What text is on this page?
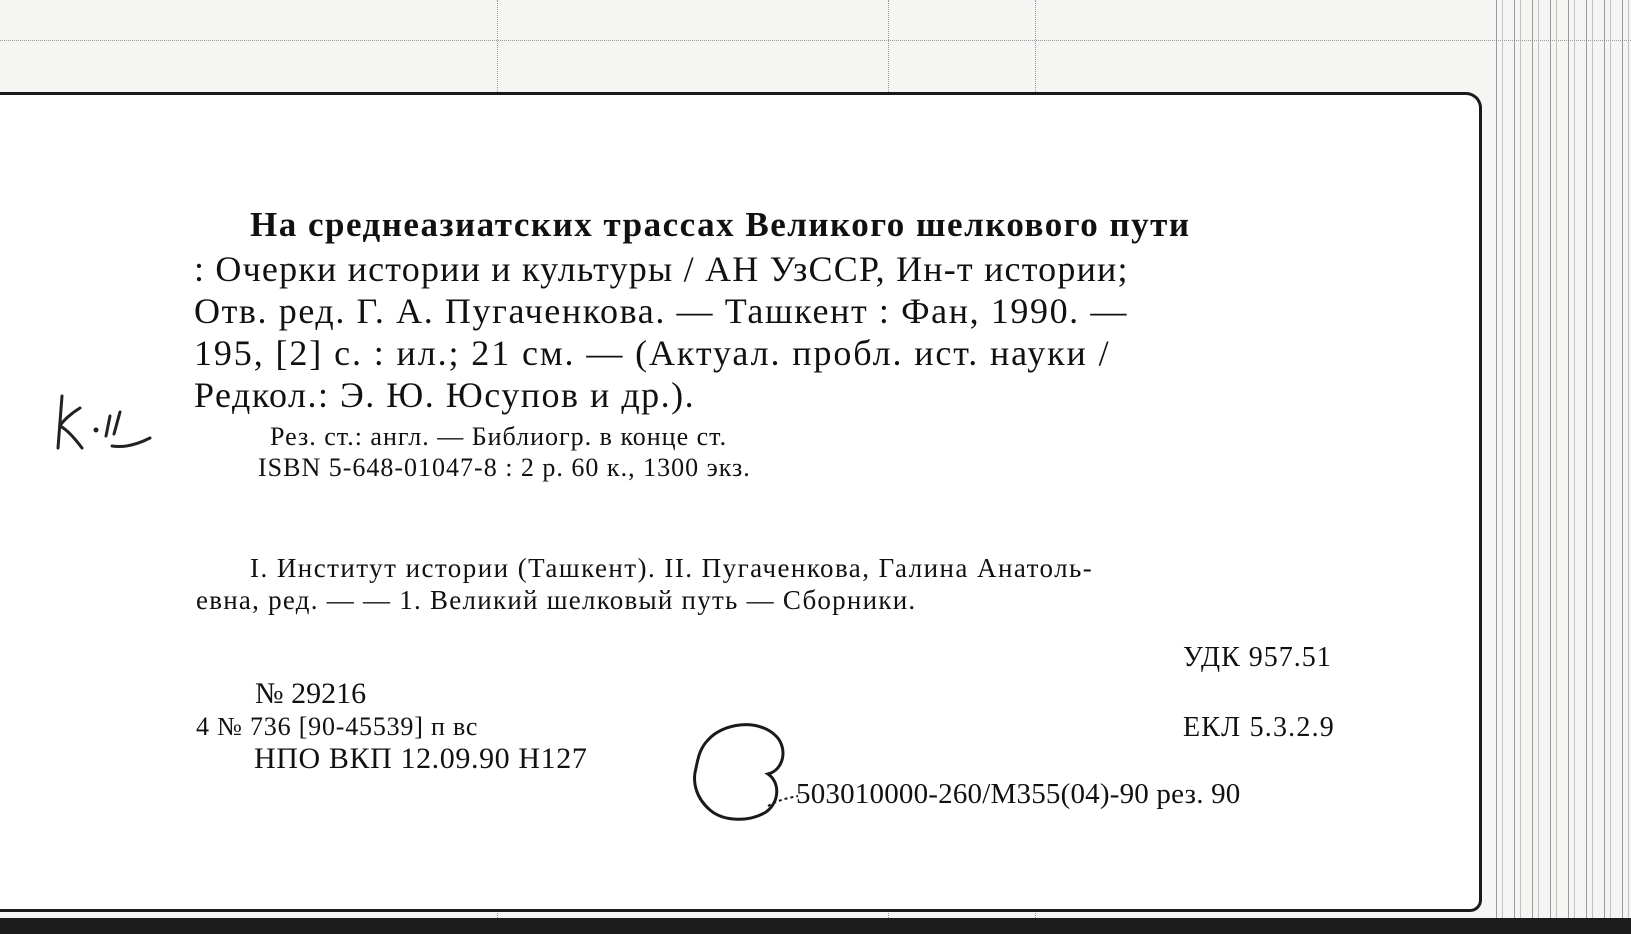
На среднеазиатских трассах Великого шелкового пути
: Очерки истории и культуры / АН УзССР, Ин-т истории;
Отв. ред. Г. А. Пугаченкова. — Ташкент : Фан, 1990. —
195, [2] с. : ил.; 21 см. — (Актуал. пробл. ист. науки /
Редкол.: Э. Ю. Юсупов и др.).
Рез. ст.: англ. — Библиогр. в конце ст.
ISBN 5-648-01047-8 : 2 р. 60 к., 1300 экз.
I. Институт истории (Ташкент). II. Пугаченкова, Галина Анатоль-
евна, ред. — — 1. Великий шелковый путь — Сборники.
УДК 957.51
№ 29216
4 № 736 [90-45539] п вс
НПО ВКП 12.09.90 Н127
ЕКЛ 5.3.2.9
503010000-260/М355(04)-90 рез. 90
